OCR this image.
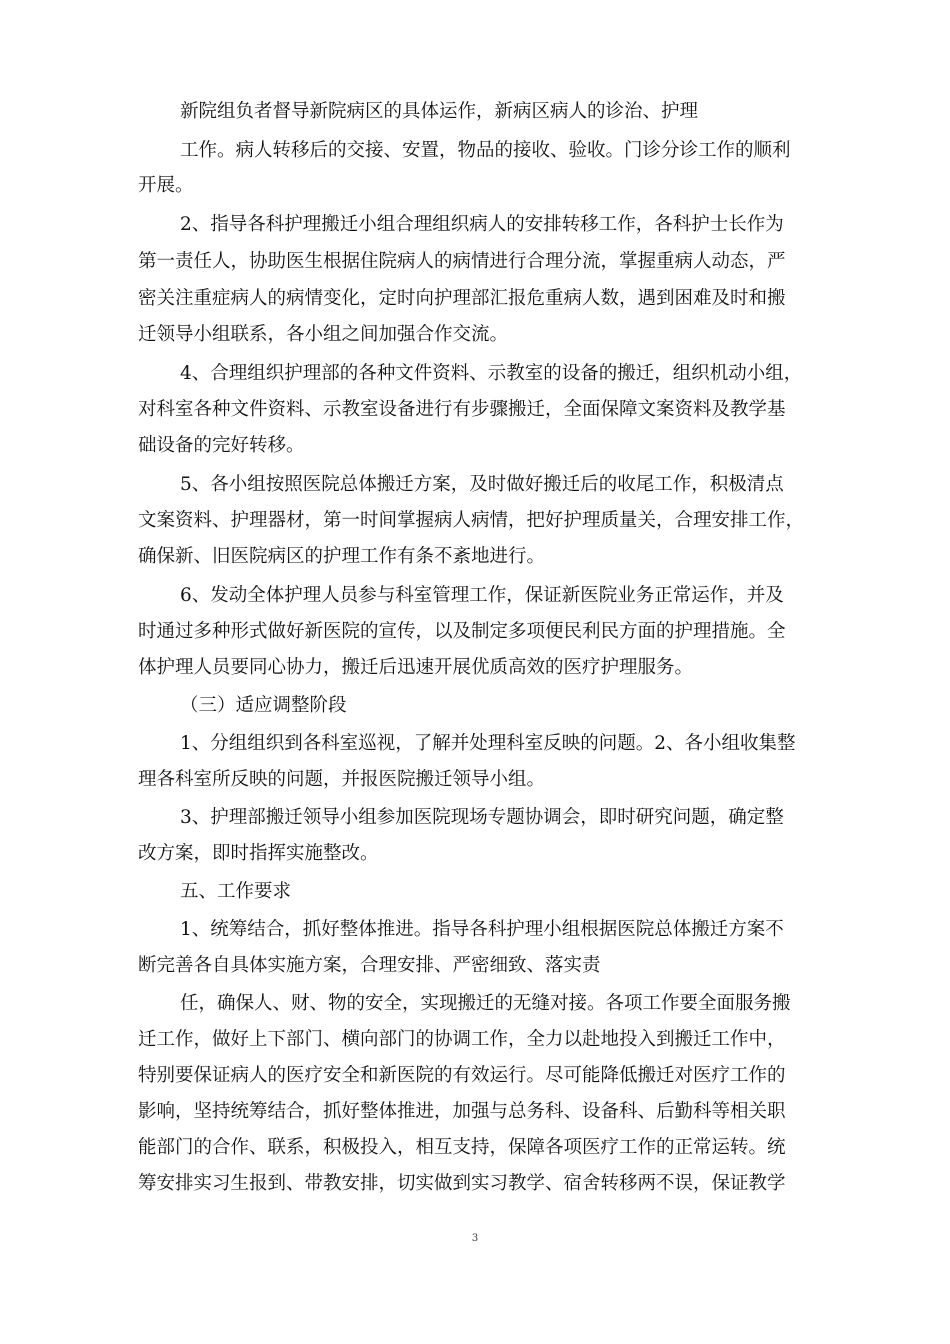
新院组负者督导新院病区的具体运作，新病区病人的诊治、护理
工作。病人转移后的交接、安置，物品的接收、验收。门诊分诊工作的顺利
开展。
2、指导各科护理搬迁小组合理组织病人的安排转移工作，各科护士长作为
第一责任人，协助医生根据住院病人的病情进行合理分流，掌握重病人动态，严
密关注重症病人的病情变化，定时向护理部汇报危重病人数，遇到困难及时和搬
迁领导小组联系，各小组之间加强合作交流。
4、合理组织护理部的各种文件资料、示教室的设备的搬迁，组织机动小组，
对科室各种文件资料、示教室设备进行有步骤搬迁，全面保障文案资料及教学基
础设备的完好转移。
5、各小组按照医院总体搬迁方案，及时做好搬迁后的收尾工作，积极清点
文案资料、护理器材，第一时间掌握病人病情，把好护理质量关，合理安排工作，
确保新、旧医院病区的护理工作有条不紊地进行。
6、发动全体护理人员参与科室管理工作，保证新医院业务正常运作，并及
时通过多种形式做好新医院的宣传，以及制定多项便民利民方面的护理措施。全
体护理人员要同心协力，搬迁后迅速开展优质高效的医疗护理服务。
（三）适应调整阶段
1、分组组织到各科室巡视，了解并处理科室反映的问题。2、各小组收集整
理各科室所反映的问题，并报医院搬迁领导小组。
3、护理部搬迁领导小组参加医院现场专题协调会，即时研究问题，确定整
改方案，即时指挥实施整改。
五、工作要求
1、统筹结合，抓好整体推进。指导各科护理小组根据医院总体搬迁方案不
断完善各自具体实施方案，合理安排、严密细致、落实责
任，确保人、财、物的安全，实现搬迁的无缝对接。各项工作要全面服务搬
迁工作，做好上下部门、横向部门的协调工作，全力以赴地投入到搬迁工作中，
特别要保证病人的医疗安全和新医院的有效运行。尽可能降低搬迁对医疗工作的
影响，坚持统筹结合，抓好整体推进，加强与总务科、设备科、后勤科等相关职
能部门的合作、联系，积极投入，相互支持，保障各项医疗工作的正常运转。统
筹安排实习生报到、带教安排，切实做到实习教学、宿舍转移两不误，保证教学
3
